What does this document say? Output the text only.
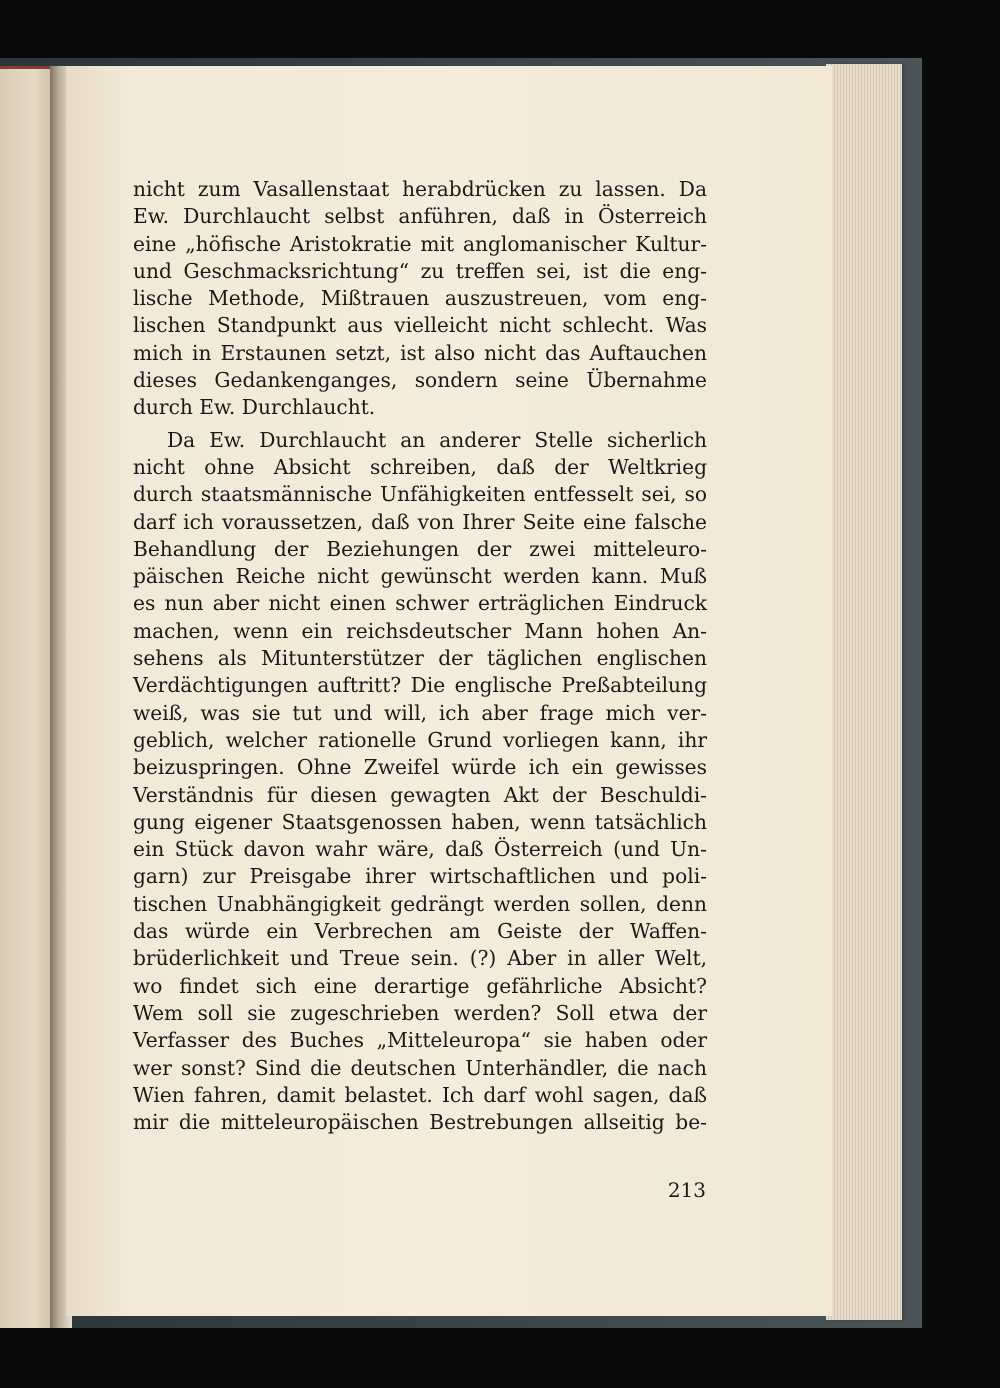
nicht zum Vasallenstaat herabdrücken zu lassen. Da
Ew. Durchlaucht selbst anführen, daß in Österreich
eine „höfische Aristokratie mit anglomanischer Kultur-
und Geschmacksrichtung“ zu treffen sei, ist die eng-
lische Methode, Mißtrauen auszustreuen, vom eng-
lischen Standpunkt aus vielleicht nicht schlecht. Was
mich in Erstaunen setzt, ist also nicht das Auftauchen
dieses Gedankenganges, sondern seine Übernahme
durch Ew. Durchlaucht.
Da Ew. Durchlaucht an anderer Stelle sicherlich
nicht ohne Absicht schreiben, daß der Weltkrieg
durch staatsmännische Unfähigkeiten entfesselt sei, so
darf ich voraussetzen, daß von Ihrer Seite eine falsche
Behandlung der Beziehungen der zwei mitteleuro-
päischen Reiche nicht gewünscht werden kann. Muß
es nun aber nicht einen schwer erträglichen Eindruck
machen, wenn ein reichsdeutscher Mann hohen An-
sehens als Mitunterstützer der täglichen englischen
Verdächtigungen auftritt? Die englische Preßabteilung
weiß, was sie tut und will, ich aber frage mich ver-
geblich, welcher rationelle Grund vorliegen kann, ihr
beizuspringen. Ohne Zweifel würde ich ein gewisses
Verständnis für diesen gewagten Akt der Beschuldi-
gung eigener Staatsgenossen haben, wenn tatsächlich
ein Stück davon wahr wäre, daß Österreich (und Un-
garn) zur Preisgabe ihrer wirtschaftlichen und poli-
tischen Unabhängigkeit gedrängt werden sollen, denn
das würde ein Verbrechen am Geiste der Waffen-
brüderlichkeit und Treue sein. (?) Aber in aller Welt,
wo findet sich eine derartige gefährliche Absicht?
Wem soll sie zugeschrieben werden? Soll etwa der
Verfasser des Buches „Mitteleuropa“ sie haben oder
wer sonst? Sind die deutschen Unterhändler, die nach
Wien fahren, damit belastet. Ich darf wohl sagen, daß
mir die mitteleuropäischen Bestrebungen allseitig be-
213
